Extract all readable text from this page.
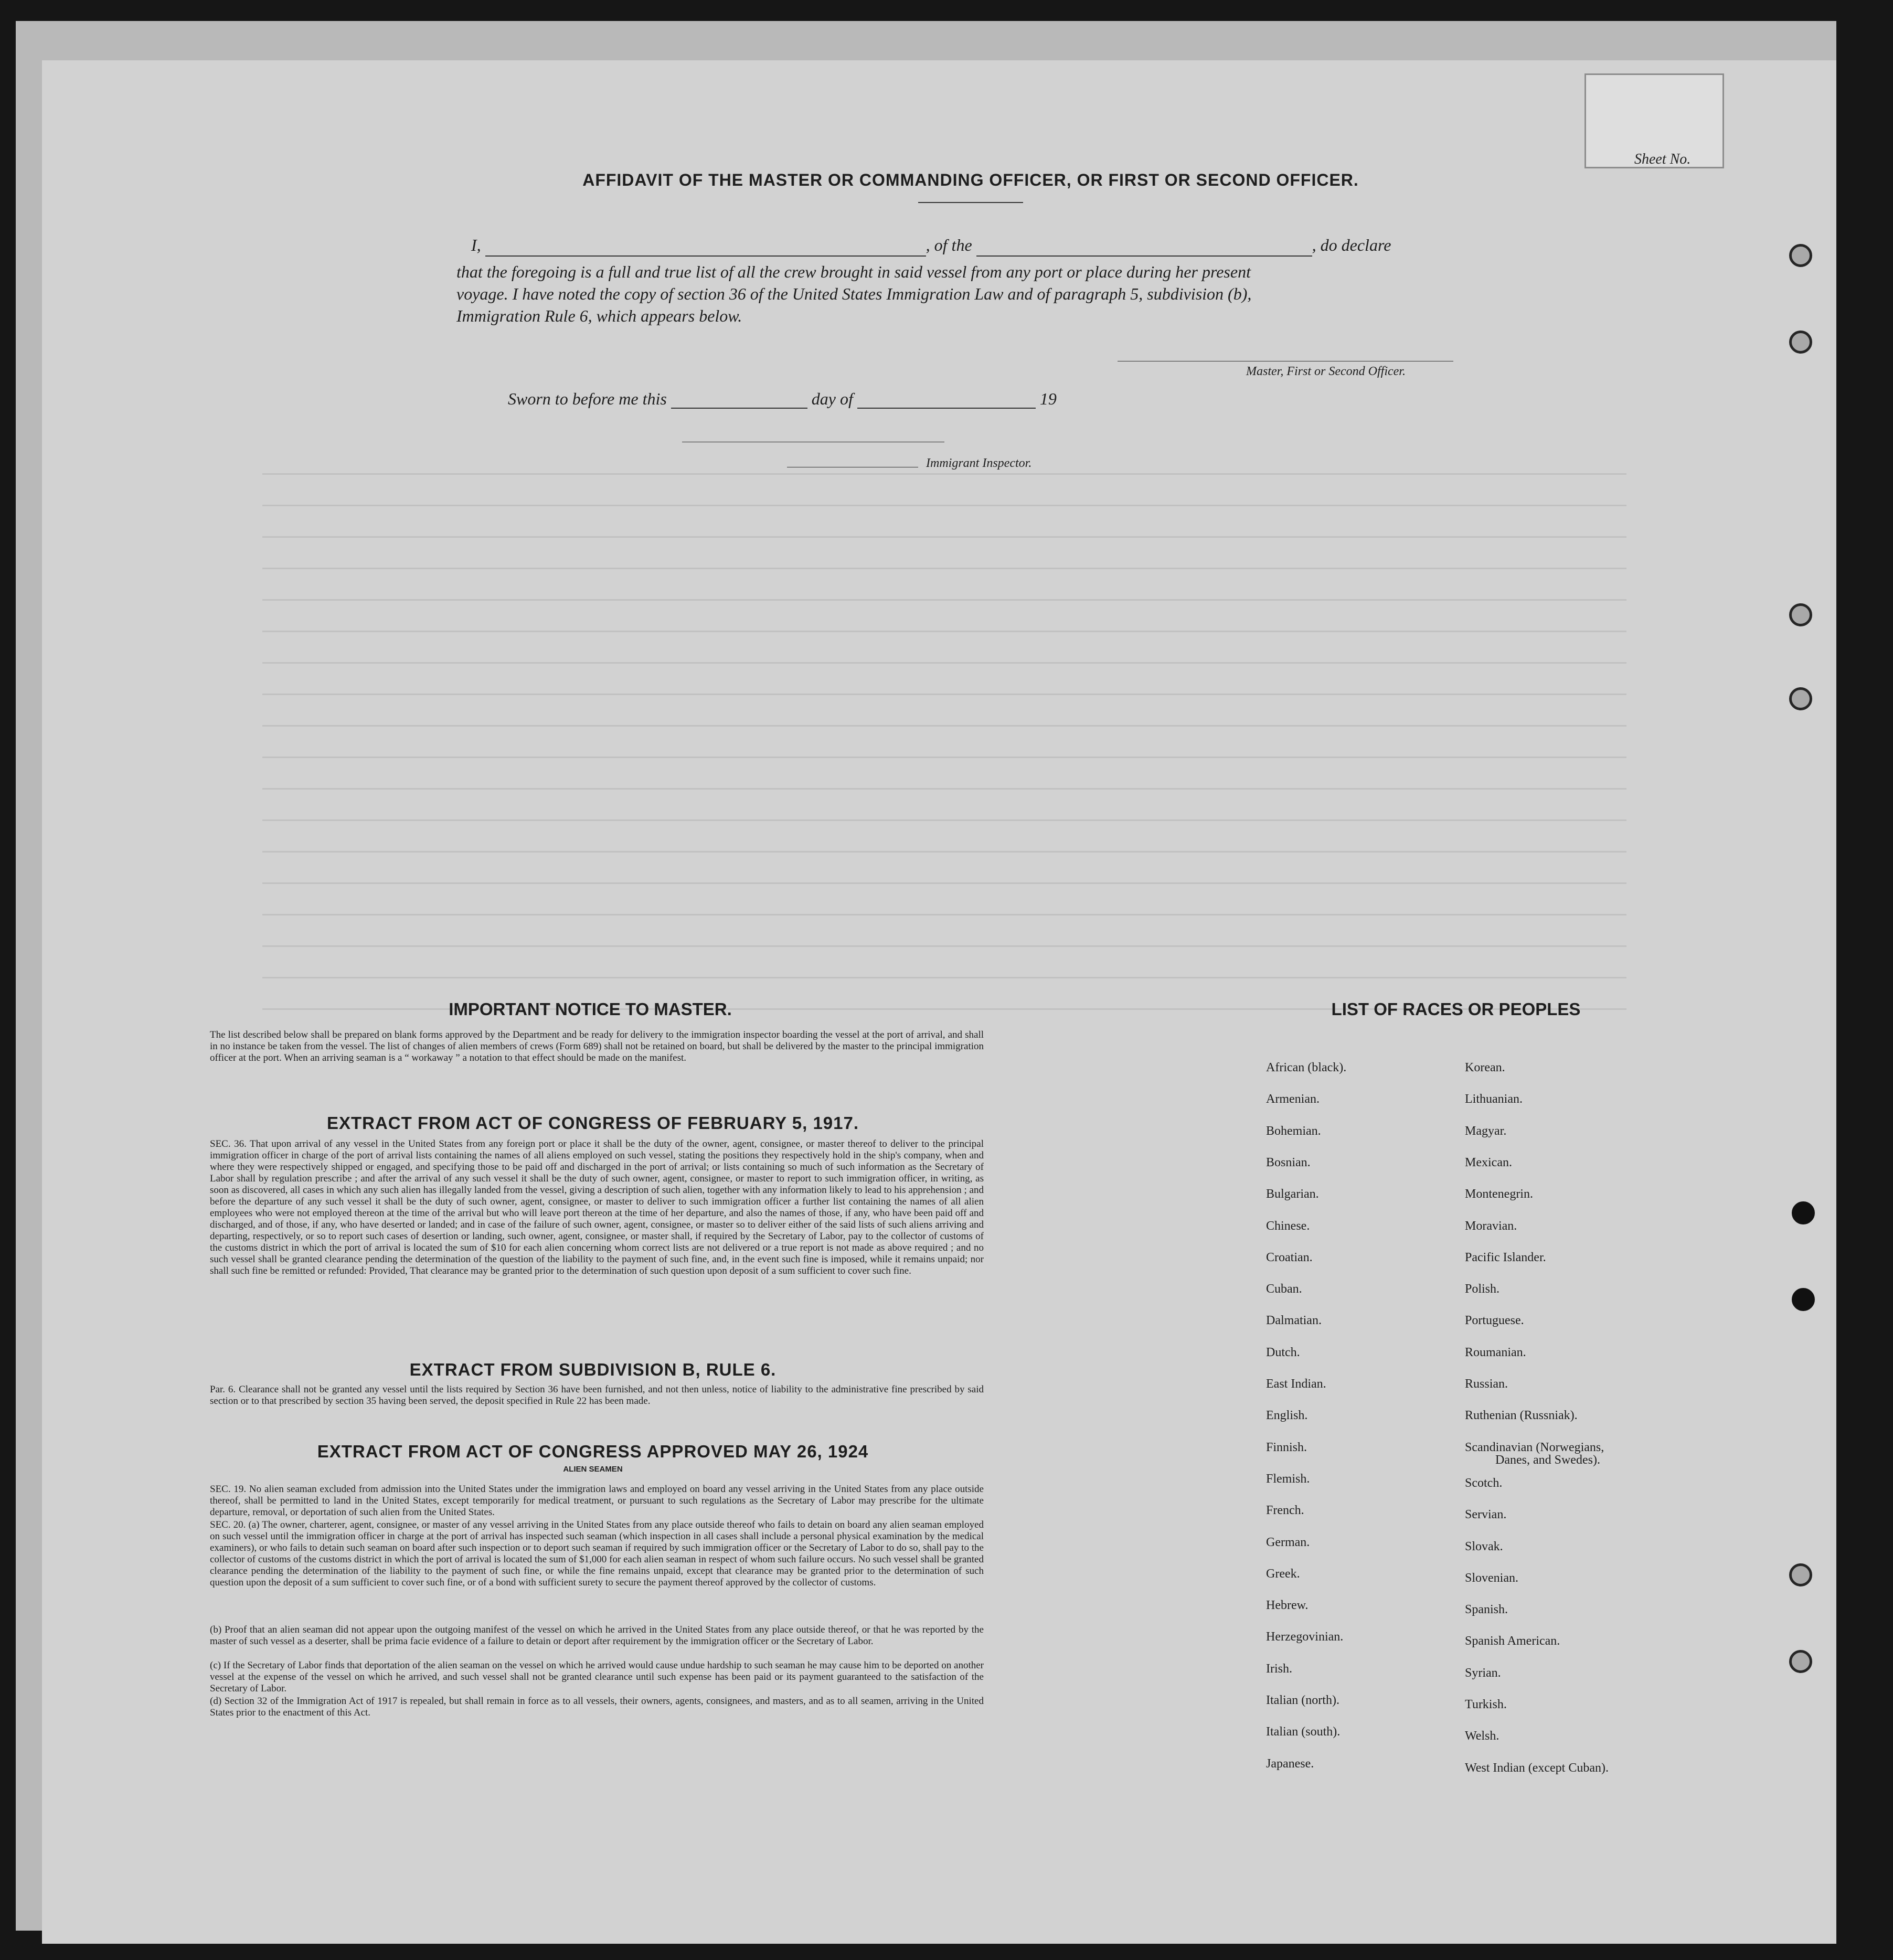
Sheet No.
AFFIDAVIT OF THE MASTER OR COMMANDING OFFICER, OR FIRST OR SECOND OFFICER.
I,	, of the	, do declare
that the foregoing is a full and true list of all the crew brought in said vessel from any port or place during her present
voyage. I have noted the copy of section 36 of the United States Immigration Law and of paragraph 5, subdivision (b),
Immigration Rule 6, which appears below.
Master, First or Second Officer.
Sworn to before me this	day of	19
Immigrant Inspector.
IMPORTANT NOTICE TO MASTER.
The list described below shall be prepared on blank forms approved by the Department and be ready for delivery to the immigration inspector boarding the vessel at the port of arrival, and shall in no instance be taken from the vessel. The list of changes of alien members of crews (Form 689) shall not be retained on board, but shall be delivered by the master to the principal immigration officer at the port. When an arriving seaman is a “ workaway ” a notation to that effect should be made on the manifest.
EXTRACT FROM ACT OF CONGRESS OF FEBRUARY 5, 1917.
SEC. 36. That upon arrival of any vessel in the United States from any foreign port or place it shall be the duty of the owner, agent, consignee, or master thereof to deliver to the principal immigration officer in charge of the port of arrival lists containing the names of all aliens employed on such vessel, stating the positions they respectively hold in the ship's company, when and where they were respectively shipped or engaged, and specifying those to be paid off and discharged in the port of arrival; or lists containing so much of such information as the Secretary of Labor shall by regulation prescribe ; and after the arrival of any such vessel it shall be the duty of such owner, agent, consignee, or master to report to such immigration officer, in writing, as soon as discovered, all cases in which any such alien has illegally landed from the vessel, giving a description of such alien, together with any information likely to lead to his apprehension ; and before the departure of any such vessel it shall be the duty of such owner, agent, consignee, or master to deliver to such immigration officer a further list containing the names of all alien employees who were not employed thereon at the time of the arrival but who will leave port thereon at the time of her departure, and also the names of those, if any, who have been paid off and discharged, and of those, if any, who have deserted or landed; and in case of the failure of such owner, agent, consignee, or master so to deliver either of the said lists of such aliens arriving and departing, respectively, or so to report such cases of desertion or landing, such owner, agent, consignee, or master shall, if required by the Secretary of Labor, pay to the collector of customs of the customs district in which the port of arrival is located the sum of $10 for each alien concerning whom correct lists are not delivered or a true report is not made as above required ; and no such vessel shall be granted clearance pending the determination of the question of the liability to the payment of such fine, and, in the event such fine is imposed, while it remains unpaid; nor shall such fine be remitted or refunded: Provided, That clearance may be granted prior to the determination of such question upon deposit of a sum sufficient to cover such fine.
EXTRACT FROM SUBDIVISION B, RULE 6.
Par. 6. Clearance shall not be granted any vessel until the lists required by Section 36 have been furnished, and not then unless, notice of liability to the administrative fine prescribed by said section or to that prescribed by section 35 having been served, the deposit specified in Rule 22 has been made.
EXTRACT FROM ACT OF CONGRESS APPROVED MAY 26, 1924
ALIEN SEAMEN
SEC. 19. No alien seaman excluded from admission into the United States under the immigration laws and employed on board any vessel arriving in the United States from any place outside thereof, shall be permitted to land in the United States, except temporarily for medical treatment, or pursuant to such regulations as the Secretary of Labor may prescribe for the ultimate departure, removal, or deportation of such alien from the United States.
SEC. 20. (a) The owner, charterer, agent, consignee, or master of any vessel arriving in the United States from any place outside thereof who fails to detain on board any alien seaman employed on such vessel until the immigration officer in charge at the port of arrival has inspected such seaman (which inspection in all cases shall include a personal physical examination by the medical examiners), or who fails to detain such seaman on board after such inspection or to deport such seaman if required by such immigration officer or the Secretary of Labor to do so, shall pay to the collector of customs of the customs district in which the port of arrival is located the sum of $1,000 for each alien seaman in respect of whom such failure occurs. No such vessel shall be granted clearance pending the determination of the liability to the payment of such fine, or while the fine remains unpaid, except that clearance may be granted prior to the determination of such question upon the deposit of a sum sufficient to cover such fine, or of a bond with sufficient surety to secure the payment thereof approved by the collector of customs.
(b) Proof that an alien seaman did not appear upon the outgoing manifest of the vessel on which he arrived in the United States from any place outside thereof, or that he was reported by the master of such vessel as a deserter, shall be prima facie evidence of a failure to detain or deport after requirement by the immigration officer or the Secretary of Labor.
(c) If the Secretary of Labor finds that deportation of the alien seaman on the vessel on which he arrived would cause undue hardship to such seaman he may cause him to be deported on another vessel at the expense of the vessel on which he arrived, and such vessel shall not be granted clearance until such expense has been paid or its payment guaranteed to the satisfaction of the Secretary of Labor.
(d) Section 32 of the Immigration Act of 1917 is repealed, but shall remain in force as to all vessels, their owners, agents, consignees, and masters, and as to all seamen, arriving in the United States prior to the enactment of this Act.
LIST OF RACES OR PEOPLES
African (black).
Armenian.
Bohemian.
Bosnian.
Bulgarian.
Chinese.
Croatian.
Cuban.
Dalmatian.
Dutch.
East Indian.
English.
Finnish.
Flemish.
French.
German.
Greek.
Hebrew.
Herzegovinian.
Irish.
Italian (north).
Italian (south).
Japanese.
Korean.
Lithuanian.
Magyar.
Mexican.
Montenegrin.
Moravian.
Pacific Islander.
Polish.
Portuguese.
Roumanian.
Russian.
Ruthenian (Russniak).
Scandinavian (Norwegians,
Scotch.
Servian.
Slovak.
Slovenian.
Spanish.
Spanish American.
Syrian.
Turkish.
Welsh.
West Indian (except Cuban).
Danes, and Swedes).
